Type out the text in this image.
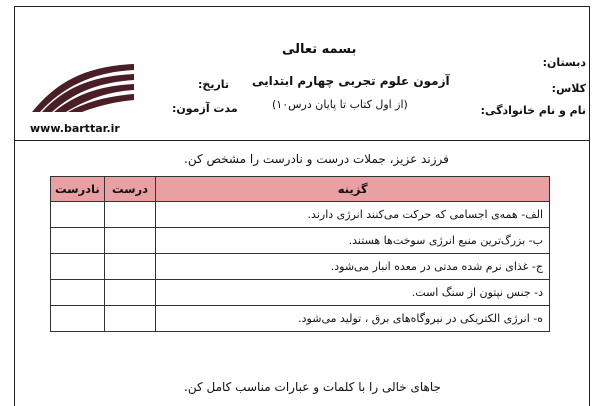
بسمه تعالی
آزمون علوم تجربی چهارم ابتدایی
(از اول کتاب تا پایان درس۱۰)
دبستان:
کلاس:
نام و نام خانوادگی:
تاریخ:
مدت آزمون:
www.barttar.ir
فرزند عزیز، جملات درست و نادرست را مشخص کن.
گزینه	درست	نادرست
الف- همه‌ی اجسامی که حرکت می‌کنند انرژی دارند.		
ب- بزرگ‌ترین منبع انرژی سوخت‌ها هستند.		
ج- غذای نرم شده مدتی در معده انبار می‌شود.		
د- جنس نپتون از سنگ است.		
ه- انرژی الکتریکی در نیروگاه‌های برق ، تولید می‌شود.		
جاهای خالی را با کلمات و عبارات مناسب کامل کن.
